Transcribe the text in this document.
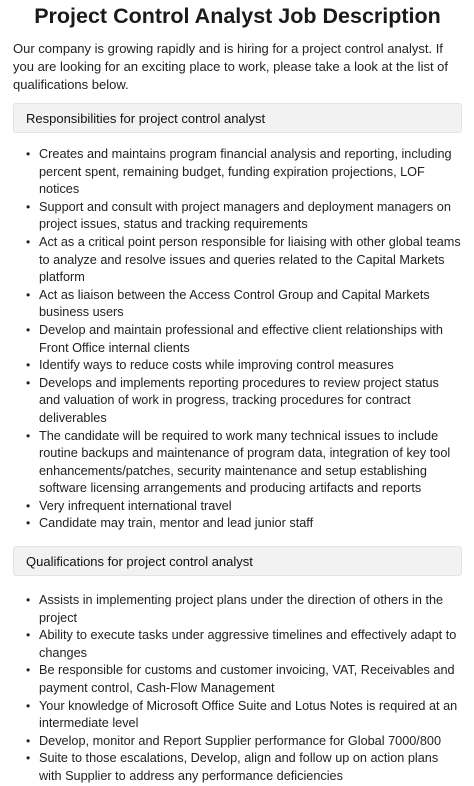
Project Control Analyst Job Description

Our company is growing rapidly and is hiring for a project control analyst. If you are looking for an exciting place to work, please take a look at the list of qualifications below.

Responsibilities for project control analyst
• Creates and maintains program financial analysis and reporting, including percent spent, remaining budget, funding expiration projections, LOF notices
• Support and consult with project managers and deployment managers on project issues, status and tracking requirements
• Act as a critical point person responsible for liaising with other global teams to analyze and resolve issues and queries related to the Capital Markets platform
• Act as liaison between the Access Control Group and Capital Markets business users
• Develop and maintain professional and effective client relationships with Front Office internal clients
• Identify ways to reduce costs while improving control measures
• Develops and implements reporting procedures to review project status and valuation of work in progress, tracking procedures for contract deliverables
• The candidate will be required to work many technical issues to include routine backups and maintenance of program data, integration of key tool enhancements/patches, security maintenance and setup establishing software licensing arrangements and producing artifacts and reports
• Very infrequent international travel
• Candidate may train, mentor and lead junior staff
Qualifications for project control analyst
• Assists in implementing project plans under the direction of others in the project
• Ability to execute tasks under aggressive timelines and effectively adapt to changes
• Be responsible for customs and customer invoicing, VAT, Receivables and payment control, Cash-Flow Management
• Your knowledge of Microsoft Office Suite and Lotus Notes is required at an intermediate level
• Develop, monitor and Report Supplier performance for Global 7000/800
• Suite to those escalations, Develop, align and follow up on action plans with Supplier to address any performance deficiencies
